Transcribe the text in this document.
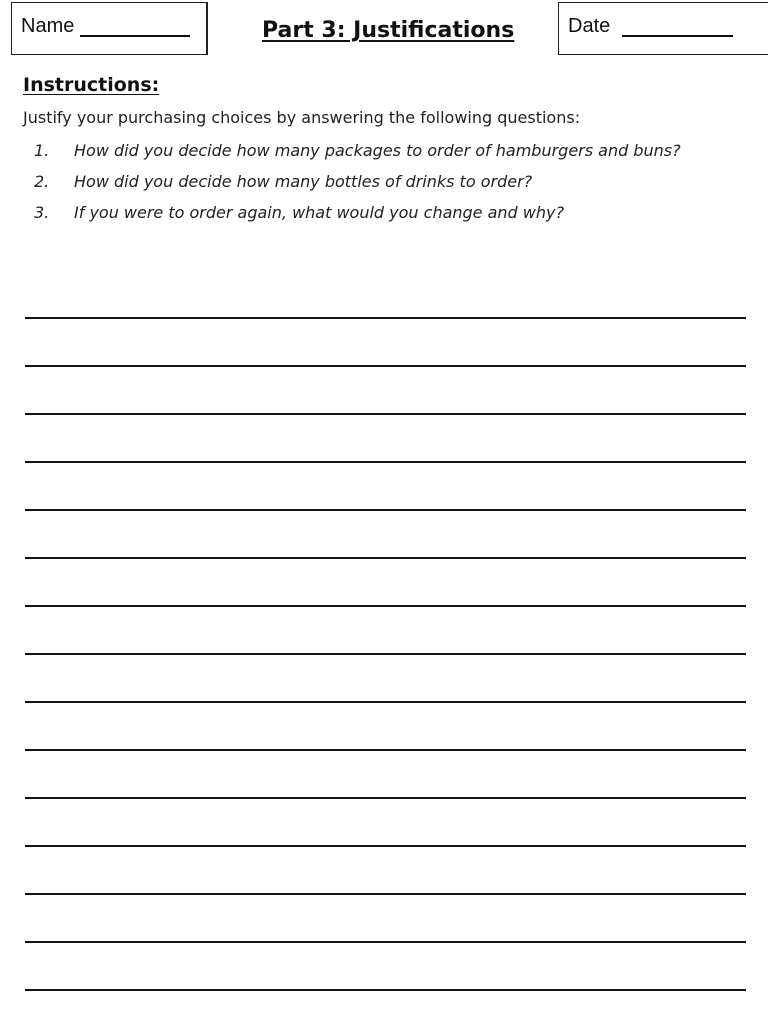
Name	Part 3: Justifications	Date
Instructions:
Justify your purchasing choices by answering the following questions:
1. How did you decide how many packages to order of hamburgers and buns?
2. How did you decide how many bottles of drinks to order?
3. If you were to order again, what would you change and why?
